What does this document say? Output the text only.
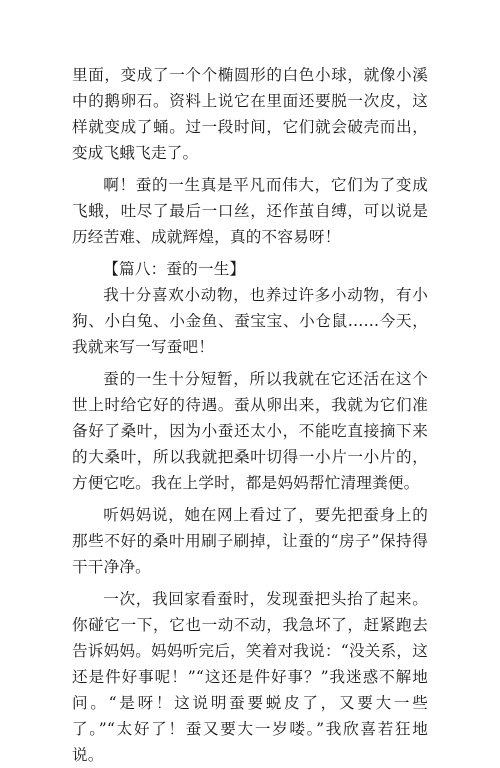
里面，变成了一个个椭圆形的白色小球，就像小溪中的鹅卵石。资料上说它在里面还要脱一次皮，这样就变成了蛹。过一段时间，它们就会破壳而出，变成飞蛾飞走了。

啊！蚕的一生真是平凡而伟大，它们为了变成飞蛾，吐尽了最后一口丝，还作茧自缚，可以说是历经苦难、成就辉煌，真的不容易呀！

【篇八：蚕的一生】

我十分喜欢小动物，也养过许多小动物，有小狗、小白兔、小金鱼、蚕宝宝、小仓鼠……今天，我就来写一写蚕吧！

蚕的一生十分短暂，所以我就在它还活在这个世上时给它好的待遇。蚕从卵出来，我就为它们准备好了桑叶，因为小蚕还太小，不能吃直接摘下来的大桑叶，所以我就把桑叶切得一小片一小片的，方便它吃。我在上学时，都是妈妈帮忙清理粪便。

听妈妈说，她在网上看过了，要先把蚕身上的那些不好的桑叶用刷子刷掉，让蚕的“房子”保持得干干净净。

一次，我回家看蚕时，发现蚕把头抬了起来。你碰它一下，它也一动不动，我急坏了，赶紧跑去告诉妈妈。妈妈听完后，笑着对我说：“没关系，这还是件好事呢！”“这还是件好事？”我迷惑不解地问。“是呀！这说明蚕要蜕皮了，又要大一些了。”“太好了！蚕又要大一岁喽。”我欣喜若狂地说。
